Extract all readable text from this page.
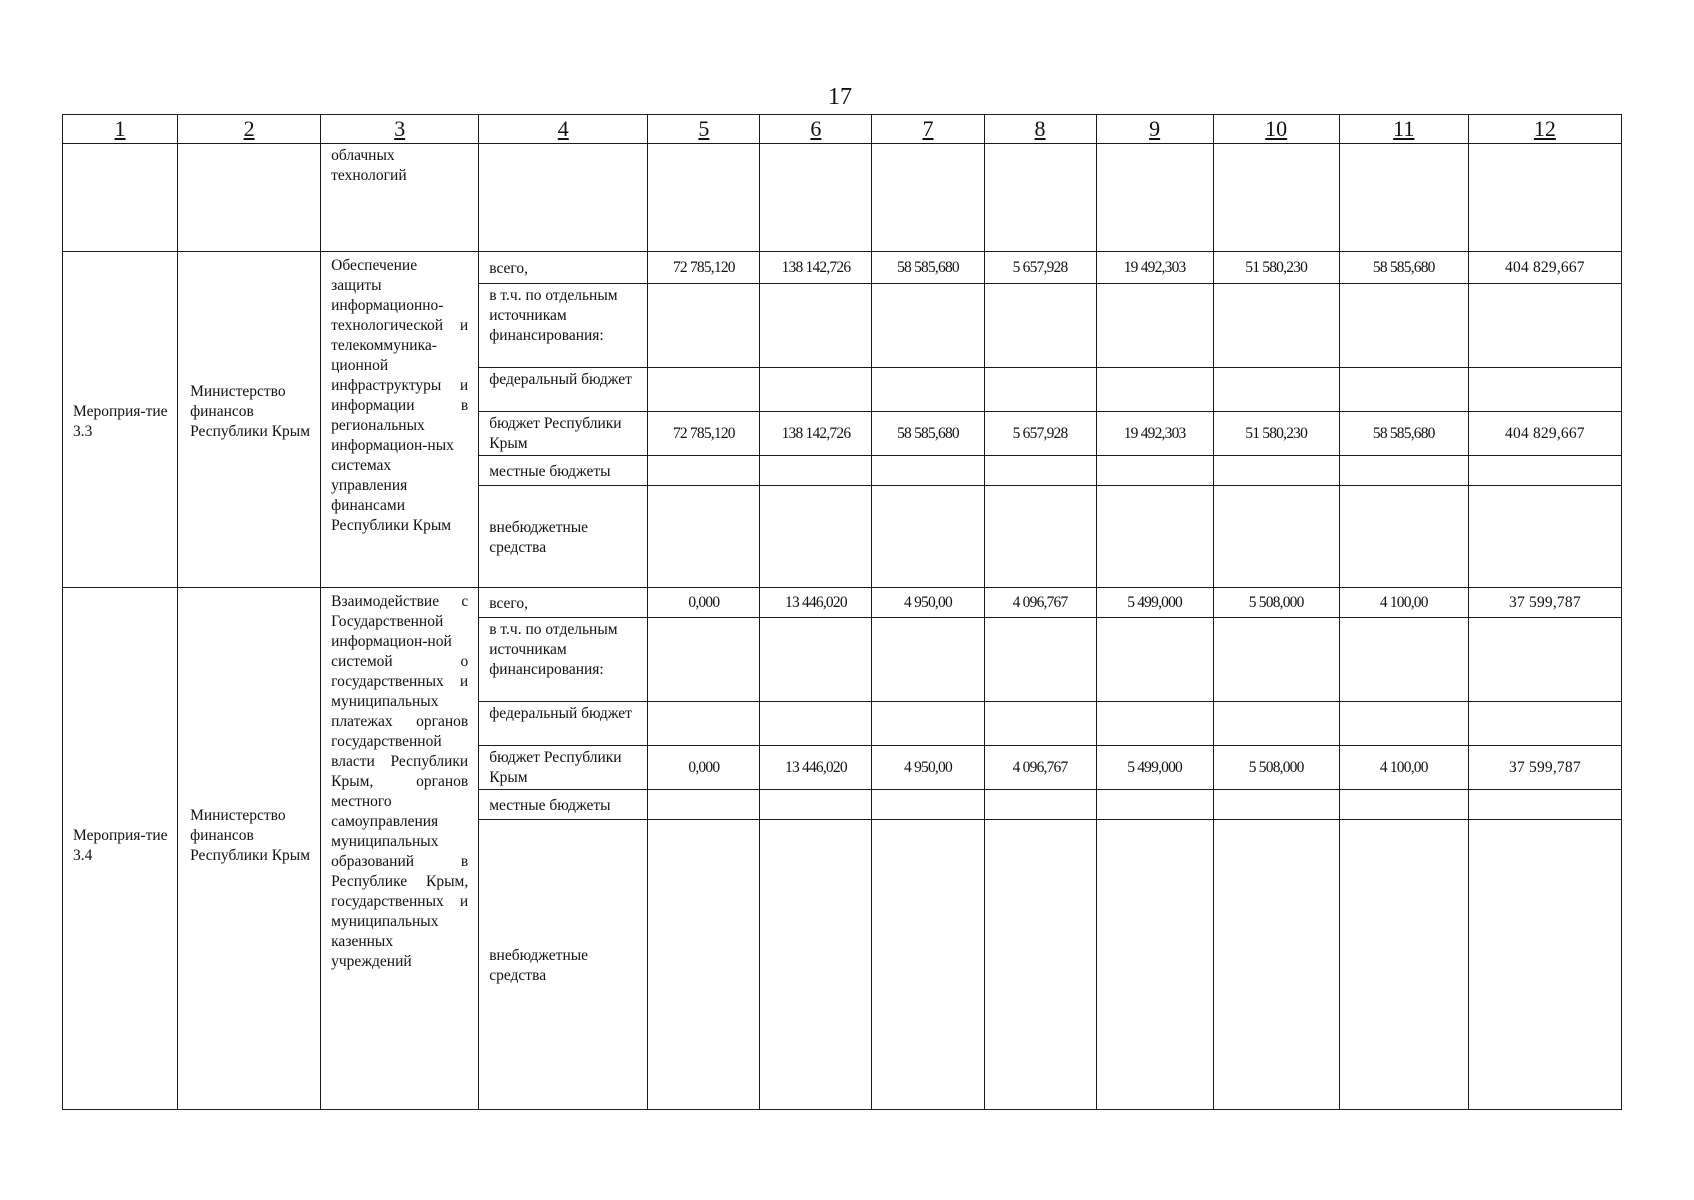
17
1	2	3	4	5	6	7	8	9	10	11	12

		облачных технологий									

Мероприя-тие 3.3	Министерство финансов Республики Крым	Обеспечение защиты информационно-технологической и телекоммуника-ционной инфраструктуры и информации в региональных информацион-ных системах управления финансами Республики Крым	всего,	72 785,120	138 142,726	58 585,680	5 657,928	19 492,303	51 580,230	58 585,680	404 829,667
			в т.ч. по отдельным источникам финансирования:								
			федеральный бюджет								
			бюджет Республики Крым	72 785,120	138 142,726	58 585,680	5 657,928	19 492,303	51 580,230	58 585,680	404 829,667
			местные бюджеты								
			внебюджетные средства								
Мероприя-тие 3.4	Министерство финансов Республики Крым	Взаимодействие с Государственной информацион-ной системой о государственных и муниципальных платежах органов государственной власти Республики Крым, органов местного самоуправления муниципальных образований в Республике Крым, государственных и муниципальных казенных учреждений	всего,	0,000	13 446,020	4 950,00	4 096,767	5 499,000	5 508,000	4 100,00	37 599,787
			в т.ч. по отдельным источникам финансирования:								
			федеральный бюджет								
			бюджет Республики Крым	0,000	13 446,020	4 950,00	4 096,767	5 499,000	5 508,000	4 100,00	37 599,787
			местные бюджеты								
			внебюджетные средства								
